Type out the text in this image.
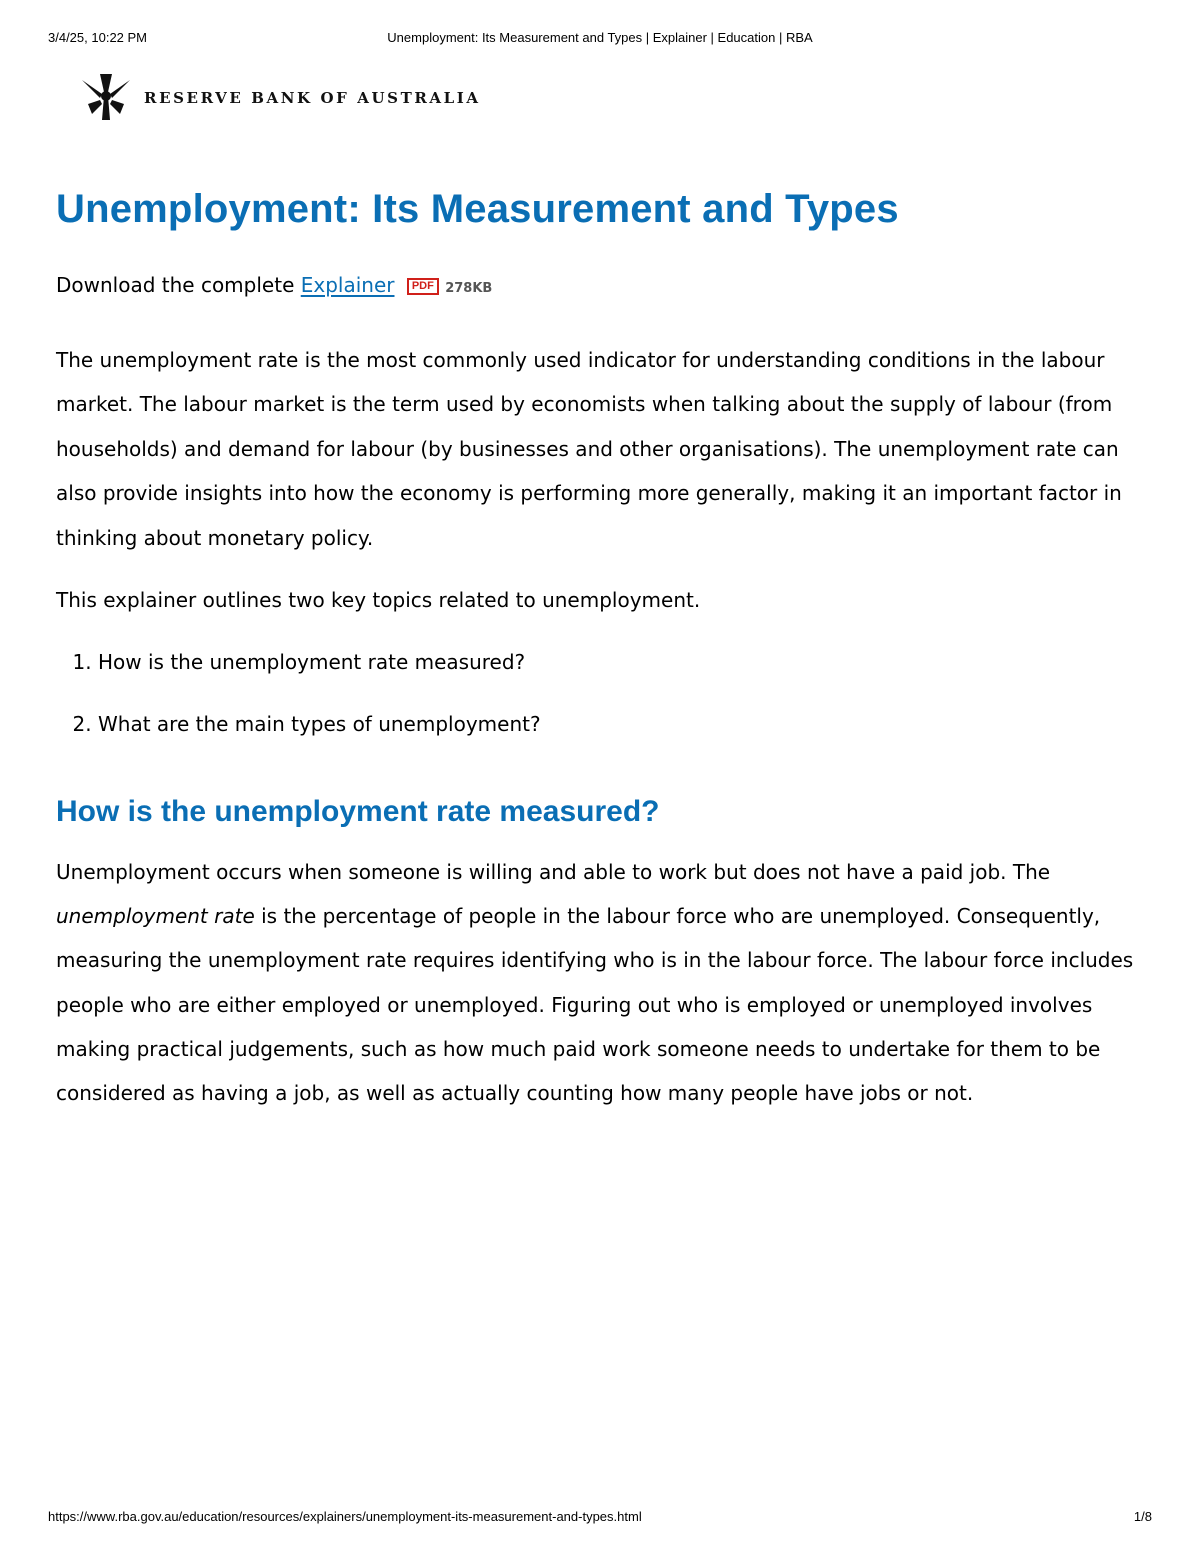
3/4/25, 10:22 PM	Unemployment: Its Measurement and Types | Explainer | Education | RBA
RESERVE BANK OF AUSTRALIA
Unemployment: Its Measurement and Types
Download the complete Explainer PDF 278KB

The unemployment rate is the most commonly used indicator for understanding conditions in the labour market. The labour market is the term used by economists when talking about the supply of labour (from households) and demand for labour (by businesses and other organisations). The unemployment rate can also provide insights into how the economy is performing more generally, making it an important factor in thinking about monetary policy.

This explainer outlines two key topics related to unemployment.

1. How is the unemployment rate measured?
2. What are the main types of unemployment?
How is the unemployment rate measured?

Unemployment occurs when someone is willing and able to work but does not have a paid job. The unemployment rate is the percentage of people in the labour force who are unemployed. Consequently, measuring the unemployment rate requires identifying who is in the labour force. The labour force includes people who are either employed or unemployed. Figuring out who is employed or unemployed involves making practical judgements, such as how much paid work someone needs to undertake for them to be considered as having a job, as well as actually counting how many people have jobs or not.

https://www.rba.gov.au/education/resources/explainers/unemployment-its-measurement-and-types.html	1/8
